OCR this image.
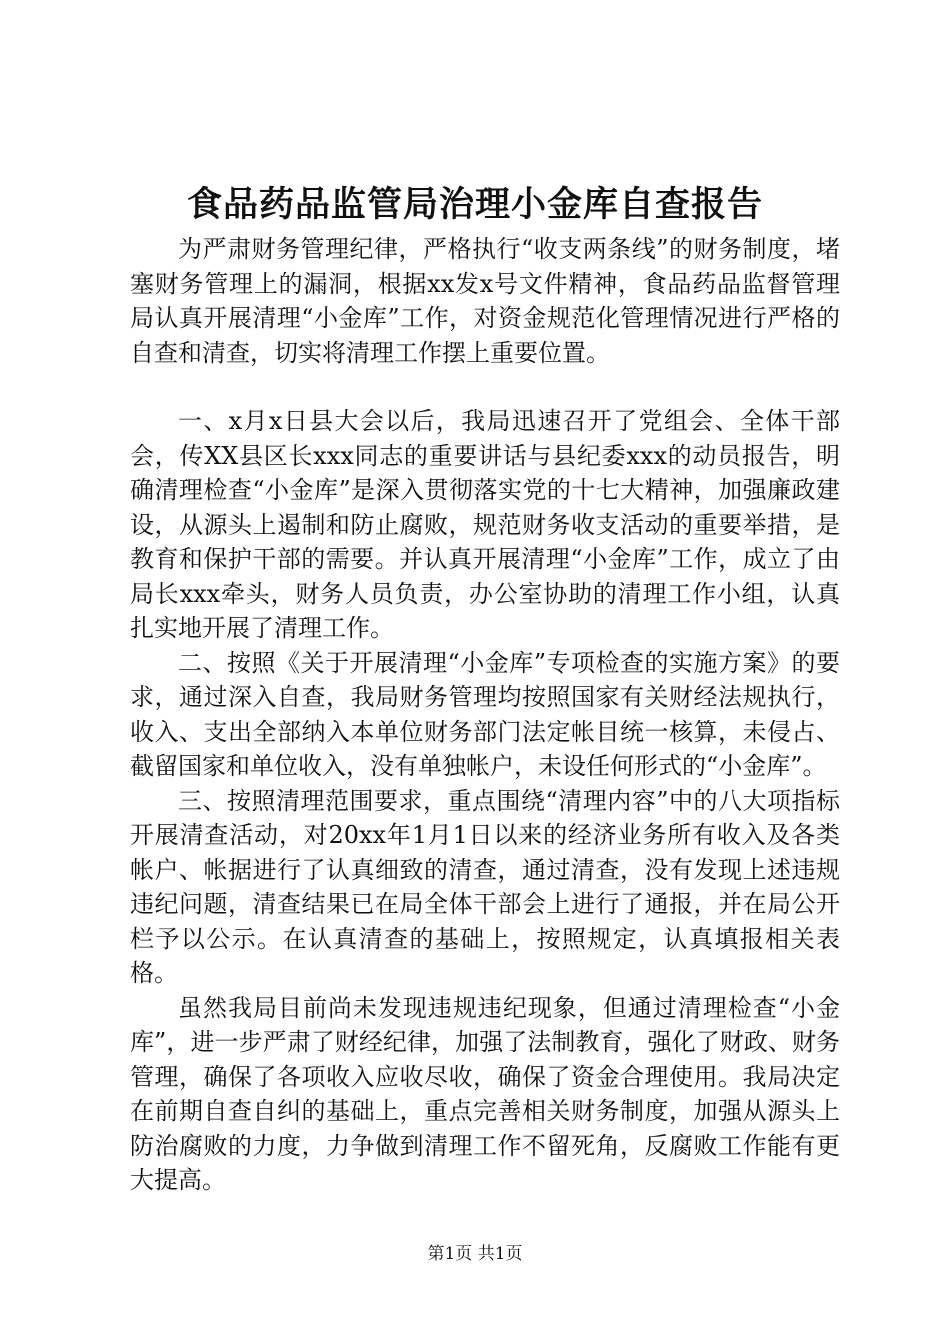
食品药品监管局治理小金库自查报告

为严肃财务管理纪律，严格执行“收支两条线”的财务制度，堵塞财务管理上的漏洞，根据xx发x号文件精神，食品药品监督管理局认真开展清理“小金库”工作，对资金规范化管理情况进行严格的自查和清查，切实将清理工作摆上重要位置。

一、x月x日县大会以后，我局迅速召开了党组会、全体干部会，传XX县区长xxx同志的重要讲话与县纪委xxx的动员报告，明确清理检查“小金库”是深入贯彻落实党的十七大精神，加强廉政建设，从源头上遏制和防止腐败，规范财务收支活动的重要举措，是教育和保护干部的需要。并认真开展清理“小金库”工作，成立了由局长xxx牵头，财务人员负责，办公室协助的清理工作小组，认真扎实地开展了清理工作。

二、按照《关于开展清理“小金库”专项检查的实施方案》的要求，通过深入自查，我局财务管理均按照国家有关财经法规执行，收入、支出全部纳入本单位财务部门法定帐目统一核算，未侵占、截留国家和单位收入，没有单独帐户，未设任何形式的“小金库”。

三、按照清理范围要求，重点围绕“清理内容”中的八大项指标开展清查活动，对20xx年1月1日以来的经济业务所有收入及各类帐户、帐据进行了认真细致的清查，通过清查，没有发现上述违规违纪问题，清查结果已在局全体干部会上进行了通报，并在局公开栏予以公示。在认真清查的基础上，按照规定，认真填报相关表格。

虽然我局目前尚未发现违规违纪现象，但通过清理检查“小金库”，进一步严肃了财经纪律，加强了法制教育，强化了财政、财务管理，确保了各项收入应收尽收，确保了资金合理使用。我局决定在前期自查自纠的基础上，重点完善相关财务制度，加强从源头上防治腐败的力度，力争做到清理工作不留死角，反腐败工作能有更大提高。

第1页 共1页
